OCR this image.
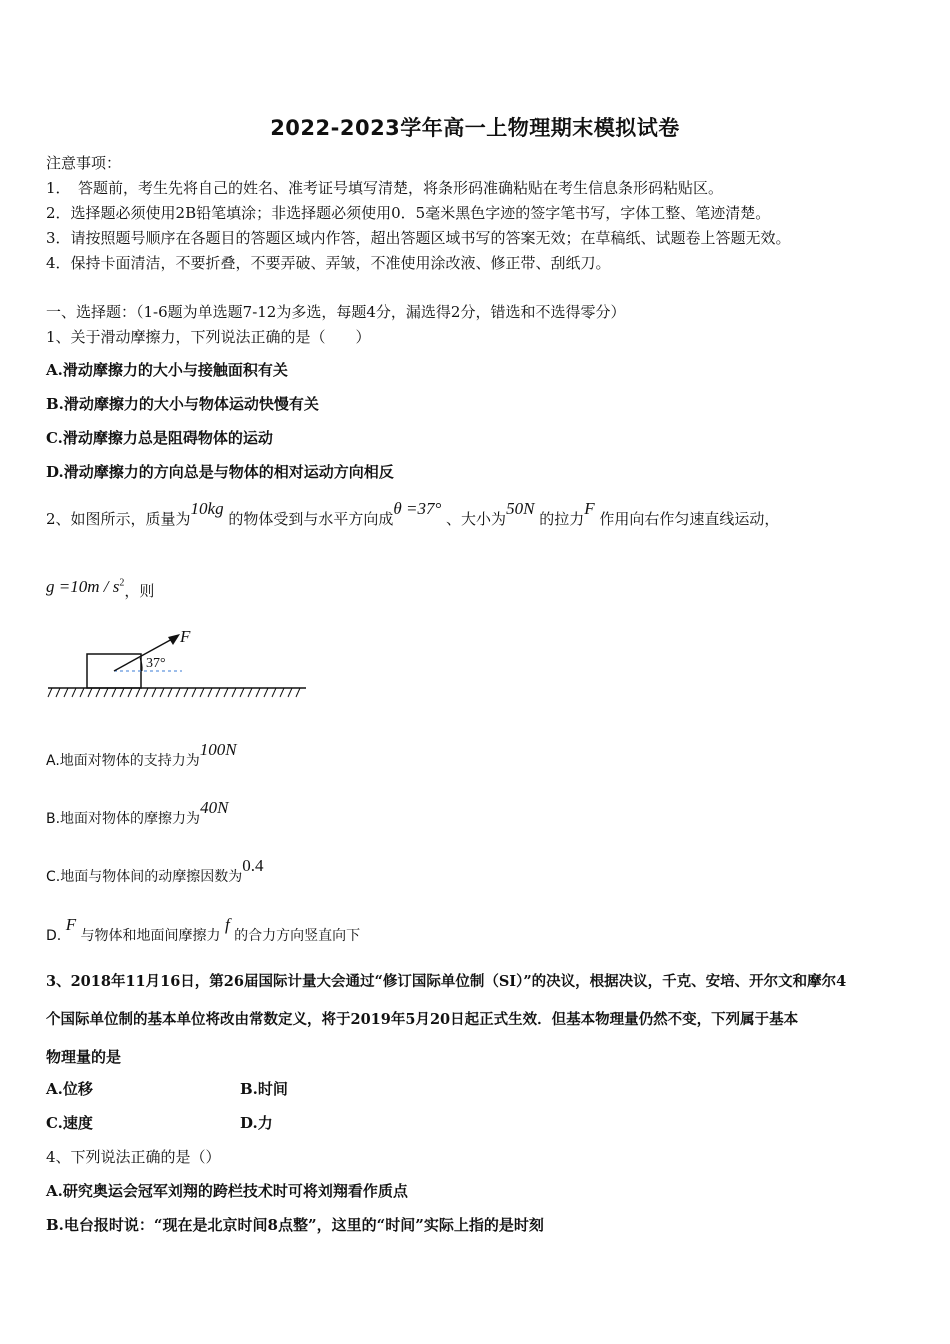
2022-2023学年高一上物理期末模拟试卷
注意事项：
1．　答题前，考生先将自己的姓名、准考证号填写清楚，将条形码准确粘贴在考生信息条形码粘贴区。
2．选择题必须使用2B铅笔填涂；非选择题必须使用0．5毫米黑色字迹的签字笔书写，字体工整、笔迹清楚。
3．请按照题号顺序在各题目的答题区域内作答，超出答题区域书写的答案无效；在草稿纸、试题卷上答题无效。
4．保持卡面清洁，不要折叠，不要弄破、弄皱，不准使用涂改液、修正带、刮纸刀。
一、选择题：（1-6题为单选题7-12为多选，每题4分，漏选得2分，错选和不选得零分）
1、关于滑动摩擦力，下列说法正确的是（　　）
A.滑动摩擦力的大小与接触面积有关
B.滑动摩擦力的大小与物体运动快慢有关
C.滑动摩擦力总是阻碍物体的运动
D.滑动摩擦力的方向总是与物体的相对运动方向相反
2、如图所示，质量为10kg 的物体受到与水平方向成θ =37° 、大小为50N 的拉力F 作用向右作匀速直线运动，
$g =10m / s^2$，则
F
37°
A.地面对物体的支持力为100N
B.地面对物体的摩擦力为40N
C.地面与物体间的动摩擦因数为0.4
D. F 与物体和地面间摩擦力 f 的合力方向竖直向下
3、2018年11月16日，第26届国际计量大会通过“修订国际单位制（SI）”的决议，根据决议，千克、安培、开尔文和摩尔4
个国际单位制的基本单位将改由常数定义，将于2019年5月20日起正式生效．但基本物理量仍然不变，下列属于基本
物理量的是
A.位移	B.时间
C.速度	D.力
4、下列说法正确的是（）
A.研究奥运会冠军刘翔的跨栏技术时可将刘翔看作质点
B.电台报时说：“现在是北京时间8点整”，这里的“时间”实际上指的是时刻
